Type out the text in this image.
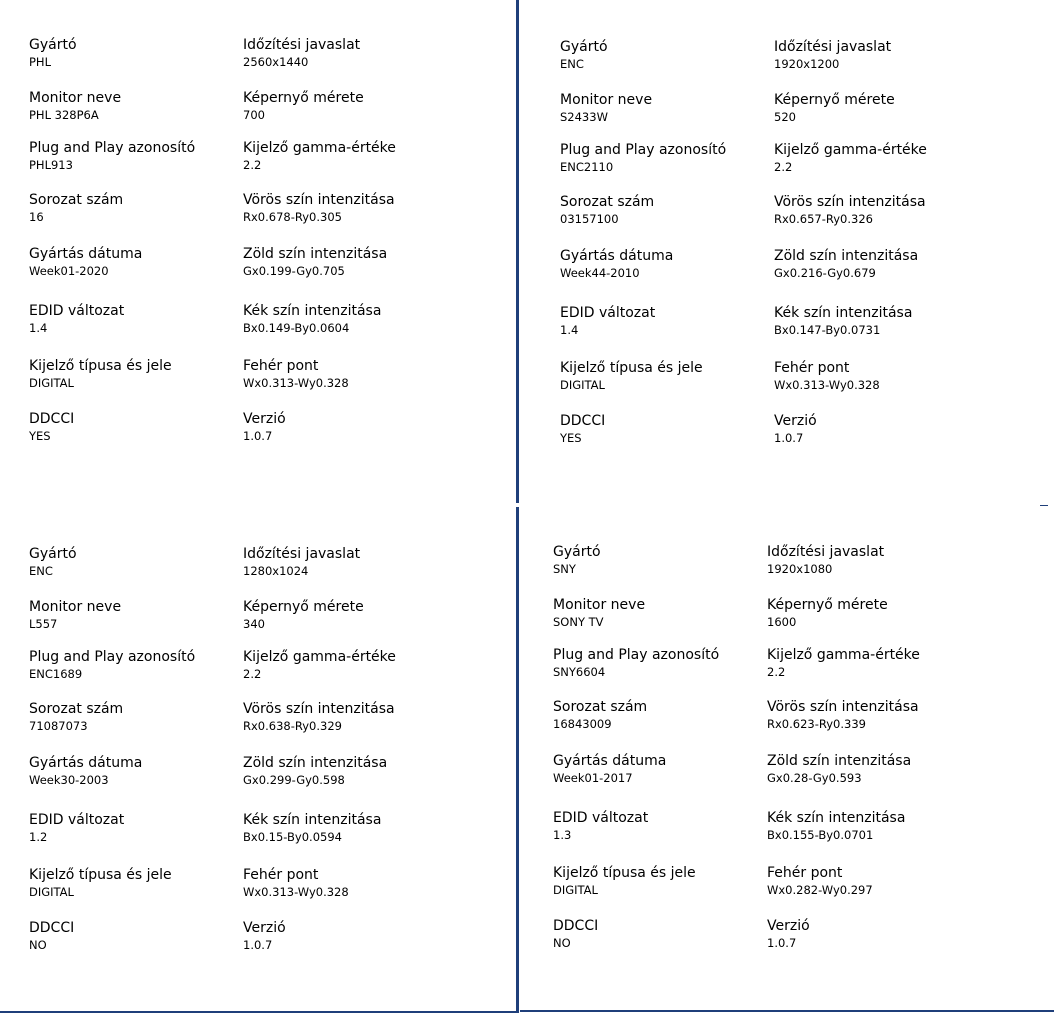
Gyártó
PHL
Monitor neve
PHL 328P6A
Plug and Play azonosító
PHL913
Sorozat szám
16
Gyártás dátuma
Week01-2020
EDID változat
1.4
Kijelző típusa és jele
DIGITAL
DDCCI
YES
Időzítési javaslat
2560x1440
Képernyő mérete
700
Kijelző gamma-értéke
2.2
Vörös szín intenzitása
Rx0.678-Ry0.305
Zöld szín intenzitása
Gx0.199-Gy0.705
Kék szín intenzitása
Bx0.149-By0.0604
Fehér pont
Wx0.313-Wy0.328
Verzió
1.0.7
Gyártó
ENC
Monitor neve
S2433W
Plug and Play azonosító
ENC2110
Sorozat szám
03157100
Gyártás dátuma
Week44-2010
EDID változat
1.4
Kijelző típusa és jele
DIGITAL
DDCCI
YES
Időzítési javaslat
1920x1200
Képernyő mérete
520
Kijelző gamma-értéke
2.2
Vörös szín intenzitása
Rx0.657-Ry0.326
Zöld szín intenzitása
Gx0.216-Gy0.679
Kék szín intenzitása
Bx0.147-By0.0731
Fehér pont
Wx0.313-Wy0.328
Verzió
1.0.7
Gyártó
ENC
Monitor neve
L557
Plug and Play azonosító
ENC1689
Sorozat szám
71087073
Gyártás dátuma
Week30-2003
EDID változat
1.2
Kijelző típusa és jele
DIGITAL
DDCCI
NO
Időzítési javaslat
1280x1024
Képernyő mérete
340
Kijelző gamma-értéke
2.2
Vörös szín intenzitása
Rx0.638-Ry0.329
Zöld szín intenzitása
Gx0.299-Gy0.598
Kék szín intenzitása
Bx0.15-By0.0594
Fehér pont
Wx0.313-Wy0.328
Verzió
1.0.7
Gyártó
SNY
Monitor neve
SONY TV
Plug and Play azonosító
SNY6604
Sorozat szám
16843009
Gyártás dátuma
Week01-2017
EDID változat
1.3
Kijelző típusa és jele
DIGITAL
DDCCI
NO
Időzítési javaslat
1920x1080
Képernyő mérete
1600
Kijelző gamma-értéke
2.2
Vörös szín intenzitása
Rx0.623-Ry0.339
Zöld szín intenzitása
Gx0.28-Gy0.593
Kék szín intenzitása
Bx0.155-By0.0701
Fehér pont
Wx0.282-Wy0.297
Verzió
1.0.7
